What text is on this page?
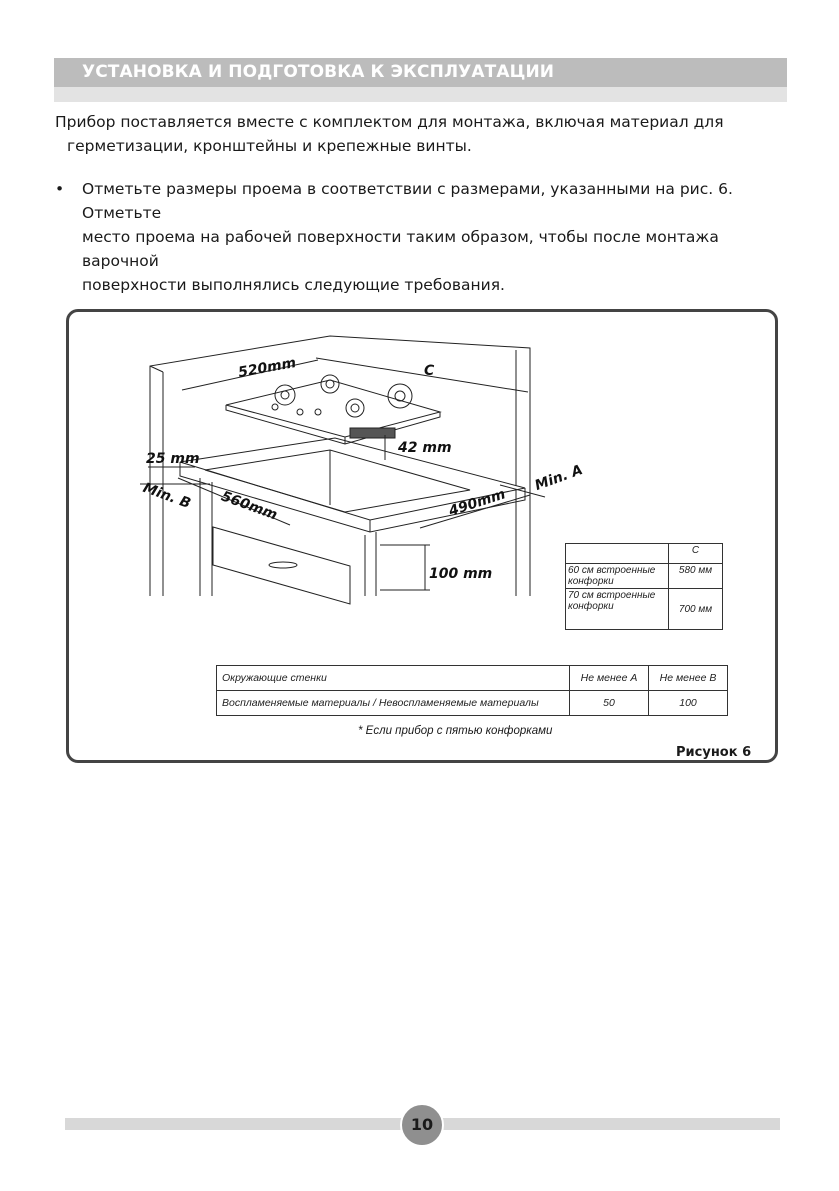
УСТАНОВКА И ПОДГОТОВКА К ЭКСПЛУАТАЦИИ
Прибор поставляется вместе с комплектом для монтажа, включая материал для
герметизации, кронштейны и крепежные винты.
• Отметьте размеры проема в соответствии с размерами, указанными на рис. 6. Отметьте
место проема на рабочей поверхности таким образом, чтобы после монтажа варочной
поверхности выполнялись следующие требования.
520mm	C
42 mm
25 mm
Min. A
Min. B 560mm	490mm
100 mm
	C
60 см встроенные конфорки	580 мм
70 см встроенные конфорки	700 мм
Окружающие стенки	Не менее A	Не менее B
Воспламеняемые материалы / Невоспламеняемые материалы	50	100
* Если прибор с пятью конфорками
Рисунок 6
10
